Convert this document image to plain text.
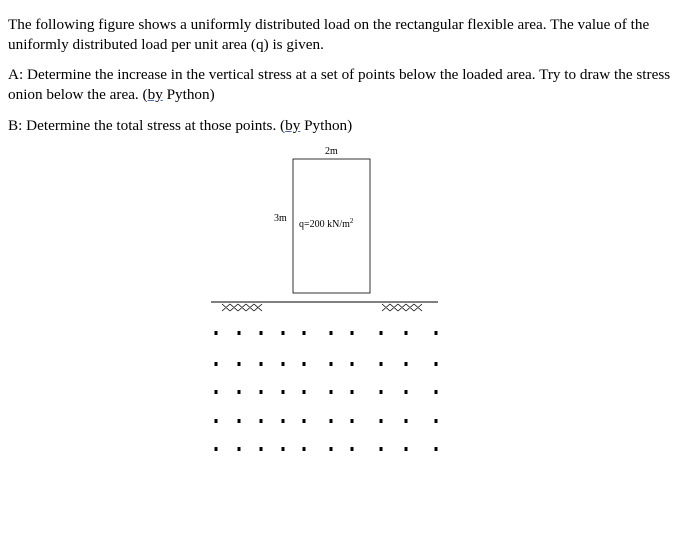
The following figure shows a uniformly distributed load on the rectangular flexible area. The value of the uniformly distributed load per unit area (q) is given.

A: Determine the increase in the vertical stress at a set of points below the loaded area. Try to draw the stress onion below the area. (by Python)

B: Determine the total stress at those points. (by Python)

2m
3m
q=200 $kN/m^2$
